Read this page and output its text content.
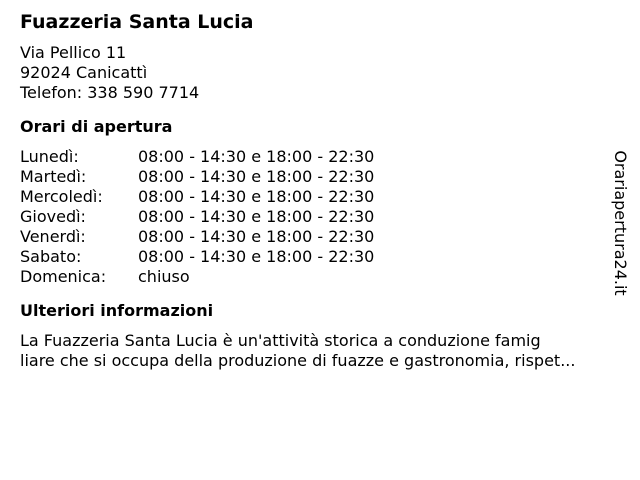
Fuazzeria Santa Lucia
Via Pellico 11
92024 Canicattì
Telefon: 338 590 7714
Orari di apertura
Lunedì:	08:00 - 14:30 e 18:00 - 22:30
Martedì:	08:00 - 14:30 e 18:00 - 22:30
Mercoledì: 08:00 - 14:30 e 18:00 - 22:30
Giovedì:	08:00 - 14:30 e 18:00 - 22:30
Venerdì:	08:00 - 14:30 e 18:00 - 22:30
Sabato:	08:00 - 14:30 e 18:00 - 22:30
Domenica: chiuso
Ulteriori informazioni
La Fuazzeria Santa Lucia è un'attività storica a conduzione famig
liare che si occupa della produzione di fuazze e gastronomia, rispet...
Orariapertura24.it
